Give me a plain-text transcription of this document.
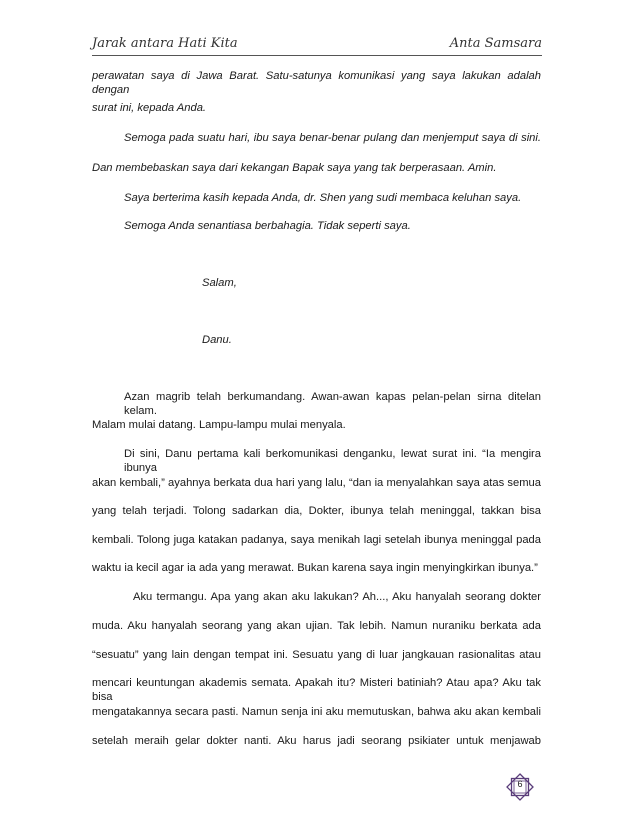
Jarak antara Hati Kita	Anta Samsara
perawatan saya di Jawa Barat. Satu-satunya komunikasi yang saya lakukan adalah dengan
surat ini, kepada Anda.
Semoga pada suatu hari, ibu saya benar-benar pulang dan menjemput saya di sini.
Dan membebaskan saya dari kekangan Bapak saya yang tak berperasaan. Amin.
Saya berterima kasih kepada Anda, dr. Shen yang sudi membaca keluhan saya.
Semoga Anda senantiasa berbahagia. Tidak seperti saya.
Salam,
Danu.
Azan magrib telah berkumandang. Awan-awan kapas pelan-pelan sirna ditelan kelam.
Malam mulai datang. Lampu-lampu mulai menyala.
Di sini, Danu pertama kali berkomunikasi denganku, lewat surat ini. “Ia mengira ibunya
akan kembali,” ayahnya berkata dua hari yang lalu, “dan ia menyalahkan saya atas semua
yang telah terjadi. Tolong sadarkan dia, Dokter, ibunya telah meninggal, takkan bisa
kembali. Tolong juga katakan padanya, saya menikah lagi setelah ibunya meninggal pada
waktu ia kecil agar ia ada yang merawat. Bukan karena saya ingin menyingkirkan ibunya.”
Aku termangu. Apa yang akan aku lakukan? Ah..., Aku hanyalah seorang dokter
muda. Aku hanyalah seorang yang akan ujian. Tak lebih. Namun nuraniku berkata ada
“sesuatu” yang lain dengan tempat ini. Sesuatu yang di luar jangkauan rasionalitas atau
mencari keuntungan akademis semata. Apakah itu? Misteri batiniah? Atau apa? Aku tak bisa
mengatakannya secara pasti. Namun senja ini aku memutuskan, bahwa aku akan kembali
setelah meraih gelar dokter nanti. Aku harus jadi seorang psikiater untuk menjawab
6
